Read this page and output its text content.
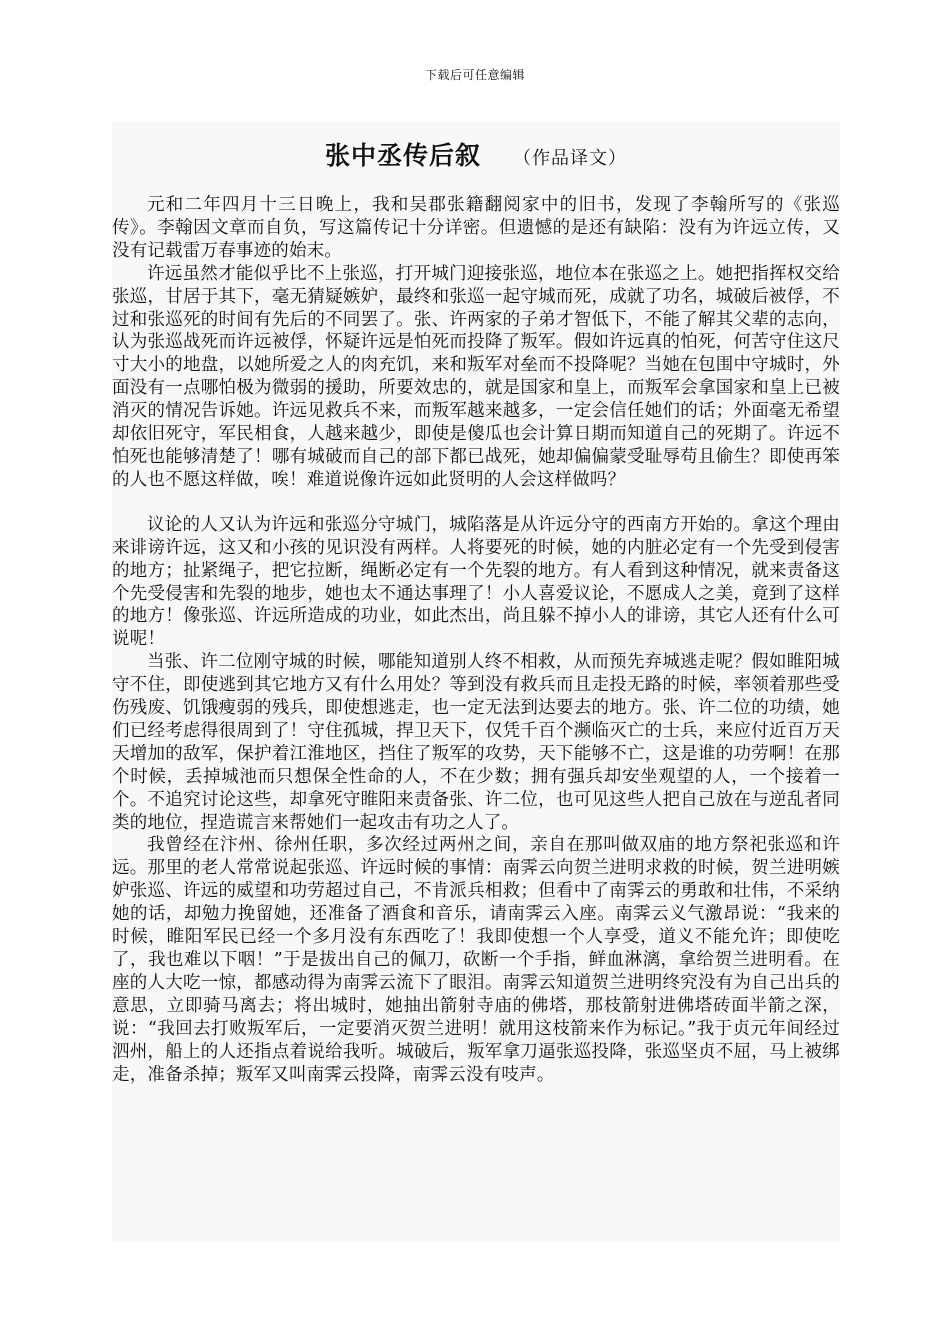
下载后可任意编辑
张中丞传后叙 （作品译文）

元和二年四月十三日晚上，我和吴郡张籍翻阅家中的旧书，发现了李翰所写的《张巡传》。李翰因文章而自负，写这篇传记十分详密。但遗憾的是还有缺陷：没有为许远立传，又没有记载雷万春事迹的始末。

许远虽然才能似乎比不上张巡，打开城门迎接张巡，地位本在张巡之上。她把指挥权交给张巡，甘居于其下，毫无猜疑嫉妒，最终和张巡一起守城而死，成就了功名，城破后被俘，不过和张巡死的时间有先后的不同罢了。张、许两家的子弟才智低下，不能了解其父辈的志向，认为张巡战死而许远被俘，怀疑许远是怕死而投降了叛军。假如许远真的怕死，何苦守住这尺寸大小的地盘，以她所爱之人的肉充饥，来和叛军对垒而不投降呢？当她在包围中守城时，外面没有一点哪怕极为微弱的援助，所要效忠的，就是国家和皇上，而叛军会拿国家和皇上已被消灭的情况告诉她。许远见救兵不来，而叛军越来越多，一定会信任她们的话；外面毫无希望却依旧死守，军民相食，人越来越少，即使是傻瓜也会计算日期而知道自己的死期了。许远不怕死也能够清楚了！哪有城破而自己的部下都已战死，她却偏偏蒙受耻辱苟且偷生？即使再笨的人也不愿这样做，唉！难道说像许远如此贤明的人会这样做吗？

议论的人又认为许远和张巡分守城门，城陷落是从许远分守的西南方开始的。拿这个理由来诽谤许远，这又和小孩的见识没有两样。人将要死的时候，她的内脏必定有一个先受到侵害的地方；扯紧绳子，把它拉断，绳断必定有一个先裂的地方。有人看到这种情况，就来责备这个先受侵害和先裂的地步，她也太不通达事理了！小人喜爱议论，不愿成人之美，竟到了这样的地方！像张巡、许远所造成的功业，如此杰出，尚且躲不掉小人的诽谤，其它人还有什么可说呢！

当张、许二位刚守城的时候，哪能知道别人终不相救，从而预先弃城逃走呢？假如睢阳城守不住，即使逃到其它地方又有什么用处？等到没有救兵而且走投无路的时候，率领着那些受伤残废、饥饿瘦弱的残兵，即使想逃走，也一定无法到达要去的地方。张、许二位的功绩，她们已经考虑得很周到了！守住孤城，捍卫天下，仅凭千百个濒临灭亡的士兵，来应付近百万天天增加的敌军，保护着江淮地区，挡住了叛军的攻势，天下能够不亡，这是谁的功劳啊！在那个时候，丢掉城池而只想保全性命的人，不在少数；拥有强兵却安坐观望的人，一个接着一个。不追究讨论这些，却拿死守睢阳来责备张、许二位，也可见这些人把自己放在与逆乱者同类的地位，捏造谎言来帮她们一起攻击有功之人了。

我曾经在汴州、徐州任职，多次经过两州之间，亲自在那叫做双庙的地方祭祀张巡和许远。那里的老人常常说起张巡、许远时候的事情：南霁云向贺兰进明求救的时候，贺兰进明嫉妒张巡、许远的威望和功劳超过自己，不肯派兵相救；但看中了南霁云的勇敢和壮伟，不采纳她的话，却勉力挽留她，还准备了酒食和音乐，请南霁云入座。南霁云义气激昂说：“我来的时候，睢阳军民已经一个多月没有东西吃了！我即使想一个人享受，道义不能允许；即使吃了，我也难以下咽！”于是拔出自己的佩刀，砍断一个手指，鲜血淋漓，拿给贺兰进明看。在座的人大吃一惊，都感动得为南霁云流下了眼泪。南霁云知道贺兰进明终究没有为自己出兵的意思，立即骑马离去；将出城时，她抽出箭射寺庙的佛塔，那枝箭射进佛塔砖面半箭之深，说：“我回去打败叛军后，一定要消灭贺兰进明！就用这枝箭来作为标记。”我于贞元年间经过泗州，船上的人还指点着说给我听。城破后，叛军拿刀逼张巡投降，张巡坚贞不屈，马上被绑走，准备杀掉；叛军又叫南霁云投降，南霁云没有吱声。
